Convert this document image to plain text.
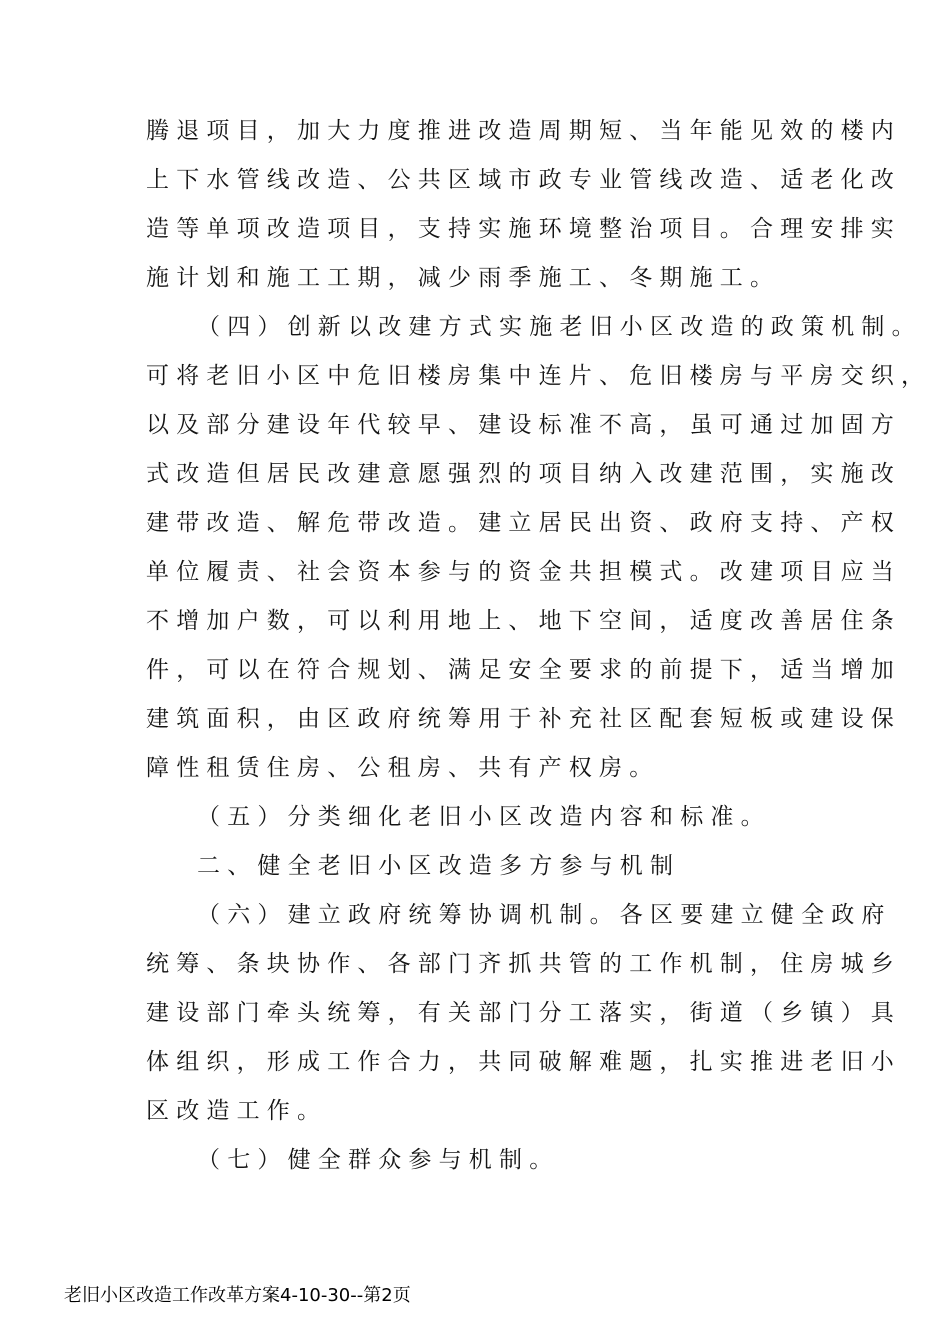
腾退项目，加大力度推进改造周期短、当年能见效的楼内
上下水管线改造、公共区域市政专业管线改造、适老化改
造等单项改造项目，支持实施环境整治项目。合理安排实
施计划和施工工期，减少雨季施工、冬期施工。
（四）创新以改建方式实施老旧小区改造的政策机制。
可将老旧小区中危旧楼房集中连片、危旧楼房与平房交织，
以及部分建设年代较早、建设标准不高，虽可通过加固方
式改造但居民改建意愿强烈的项目纳入改建范围，实施改
建带改造、解危带改造。建立居民出资、政府支持、产权
单位履责、社会资本参与的资金共担模式。改建项目应当
不增加户数，可以利用地上、地下空间，适度改善居住条
件，可以在符合规划、满足安全要求的前提下，适当增加
建筑面积，由区政府统筹用于补充社区配套短板或建设保
障性租赁住房、公租房、共有产权房。
（五）分类细化老旧小区改造内容和标准。
二、健全老旧小区改造多方参与机制
（六）建立政府统筹协调机制。各区要建立健全政府
统筹、条块协作、各部门齐抓共管的工作机制，住房城乡
建设部门牵头统筹，有关部门分工落实，街道（乡镇）具
体组织，形成工作合力，共同破解难题，扎实推进老旧小
区改造工作。
（七）健全群众参与机制。
老旧小区改造工作改革方案4-10-30--第2页
